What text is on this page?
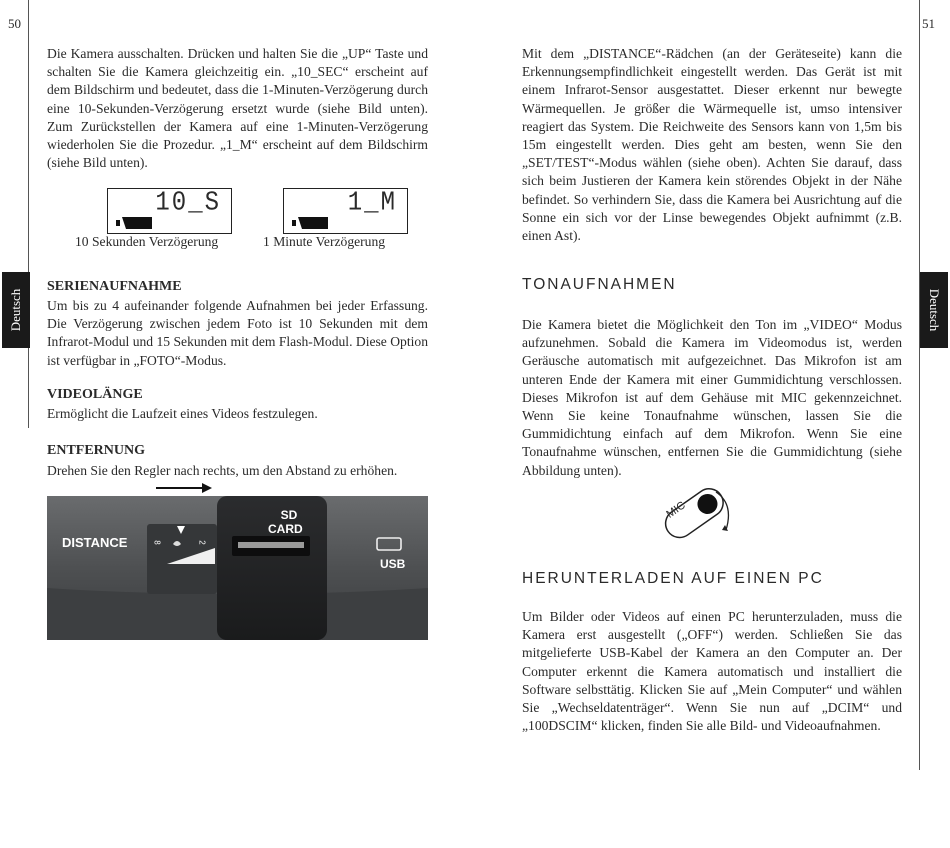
50	51
Deutsch	Deutsch

Die Kamera ausschalten. Drücken und halten Sie die „UP“ Taste und schalten Sie die Kamera gleichzeitig ein. „10_SEC“ erscheint auf dem Bildschirm und bedeutet, dass die 1-Minuten-Verzögerung durch eine 10-Sekunden-Verzögerung ersetzt wurde (siehe Bild unten). Zum Zurückstellen der Kamera auf eine 1-Minuten-Verzögerung wiederholen Sie die Prozedur. „1_M“ erscheint auf dem Bildschirm (siehe Bild unten).

10_S	1_M
10 Sekunden Verzögerung	1 Minute Verzögerung
SERIENAUFNAHME

Um bis zu 4 aufeinander folgende Aufnahmen bei jeder Erfassung. Die Verzögerung zwischen jedem Foto ist 10 Sekunden mit dem Infrarot-Modul und 15 Sekunden mit dem Flash-Modul. Diese Option ist verfügbar in „FOTO“-Modus.

VIDEOLÄNGE

Ermöglicht die Laufzeit eines Videos festzulegen.

ENTFERNUNG

Drehen Sie den Regler nach rechts, um den Abstand zu erhöhen.

DISTANCE	8	2
SD
CARD
USB

Mit dem „DISTANCE“-Rädchen (an der Geräteseite) kann die Erkennungsempfindlichkeit eingestellt werden. Das Gerät ist mit einem Infrarot-Sensor ausgestattet. Dieser erkennt nur bewegte Wärmequellen. Je größer die Wärmequelle ist, umso intensiver reagiert das System. Die Reichweite des Sensors kann von 1,5m bis 15m eingestellt werden. Dies geht am besten, wenn Sie den „SET/TEST“-Modus wählen (siehe oben). Achten Sie darauf, dass sich beim Justieren der Kamera kein störendes Objekt in der Nähe befindet. So verhindern Sie, dass die Kamera bei Ausrichtung auf die Sonne ein sich vor der Linse bewegendes Objekt aufnimmt (z.B. einen Ast).

TONAUFNAHMEN

Die Kamera bietet die Möglichkeit den Ton im „VIDEO“ Modus aufzunehmen. Sobald die Kamera im Videomodus ist, werden Geräusche automatisch mit aufgezeichnet. Das Mikrofon ist am unteren Ende der Kamera mit einer Gummidichtung verschlossen. Dieses Mikrofon ist auf dem Gehäuse mit MIC gekennzeichnet. Wenn Sie keine Tonaufnahme wünschen, lassen Sie die Gummidichtung einfach auf dem Mikrofon. Wenn Sie eine Tonaufnahme wünschen, entfernen Sie die Gummidichtung (siehe Abbildung unten).

MIC
HERUNTERLADEN AUF EINEN PC

Um Bilder oder Videos auf einen PC herunterzuladen, muss die Kamera erst ausgestellt („OFF“) werden. Schließen Sie das mitgelieferte USB-Kabel der Kamera an den Computer an. Der Computer erkennt die Kamera automatisch und installiert die Software selbsttätig. Klicken Sie auf „Mein Computer“ und wählen Sie „Wechseldatenträger“. Wenn Sie nun auf „DCIM“ und „100DSCIM“ klicken, finden Sie alle Bild- und Videoaufnahmen.
